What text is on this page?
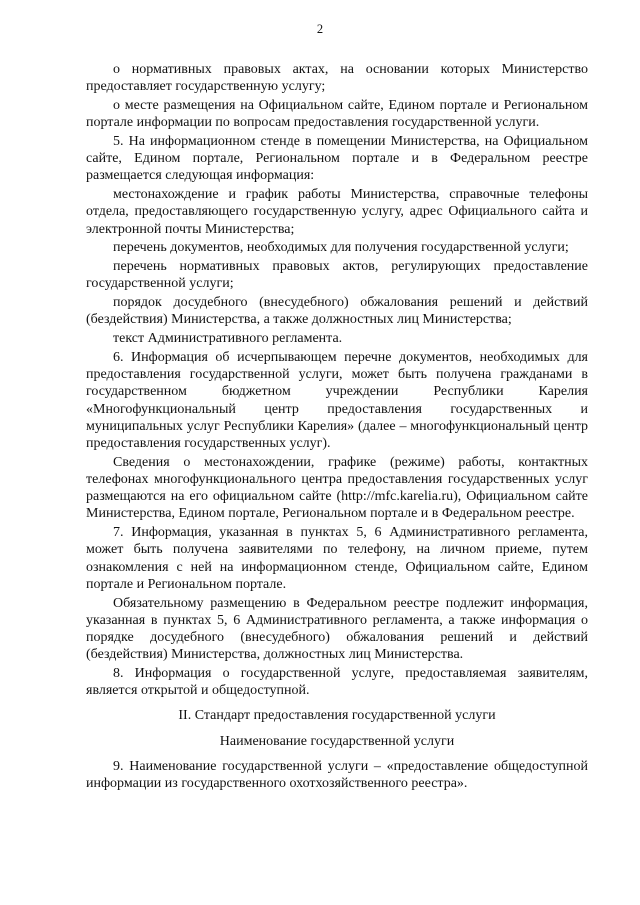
2

о нормативных правовых актах, на основании которых Министерство предоставляет государственную услугу;

о месте размещения на Официальном сайте, Едином портале и Региональном портале информации по вопросам предоставления государственной услуги.

5. На информационном стенде в помещении Министерства, на Официальном сайте, Едином портале, Региональном портале и в Федеральном реестре размещается следующая информация:

местонахождение и график работы Министерства, справочные телефоны отдела, предоставляющего государственную услугу, адрес Официального сайта и электронной почты Министерства;

перечень документов, необходимых для получения государственной услуги;

перечень нормативных правовых актов, регулирующих предоставление государственной услуги;

порядок досудебного (внесудебного) обжалования решений и действий (бездействия) Министерства, а также должностных лиц Министерства;

текст Административного регламента.

6. Информация об исчерпывающем перечне документов, необходимых для предоставления государственной услуги, может быть получена гражданами в государственном бюджетном учреждении Республики Карелия «Многофункциональный центр предоставления государственных и муниципальных услуг Республики Карелия» (далее – многофункциональный центр предоставления государственных услуг).

Сведения о местонахождении, графике (режиме) работы, контактных телефонах многофункционального центра предоставления государственных услуг размещаются на его официальном сайте (http://mfc.karelia.ru), Официальном сайте Министерства, Едином портале, Региональном портале и в Федеральном реестре.

7. Информация, указанная в пунктах 5, 6 Административного регламента, может быть получена заявителями по телефону, на личном приеме, путем ознакомления с ней на информационном стенде, Официальном сайте, Едином портале и Региональном портале.

Обязательному размещению в Федеральном реестре подлежит информация, указанная в пунктах 5, 6 Административного регламента, а также информация о порядке досудебного (внесудебного) обжалования решений и действий (бездействия) Министерства, должностных лиц Министерства.

8. Информация о государственной услуге, предоставляемая заявителям, является открытой и общедоступной.

II. Стандарт предоставления государственной услуги

Наименование государственной услуги

9. Наименование государственной услуги – «предоставление общедоступной информации из государственного охотхозяйственного реестра».
